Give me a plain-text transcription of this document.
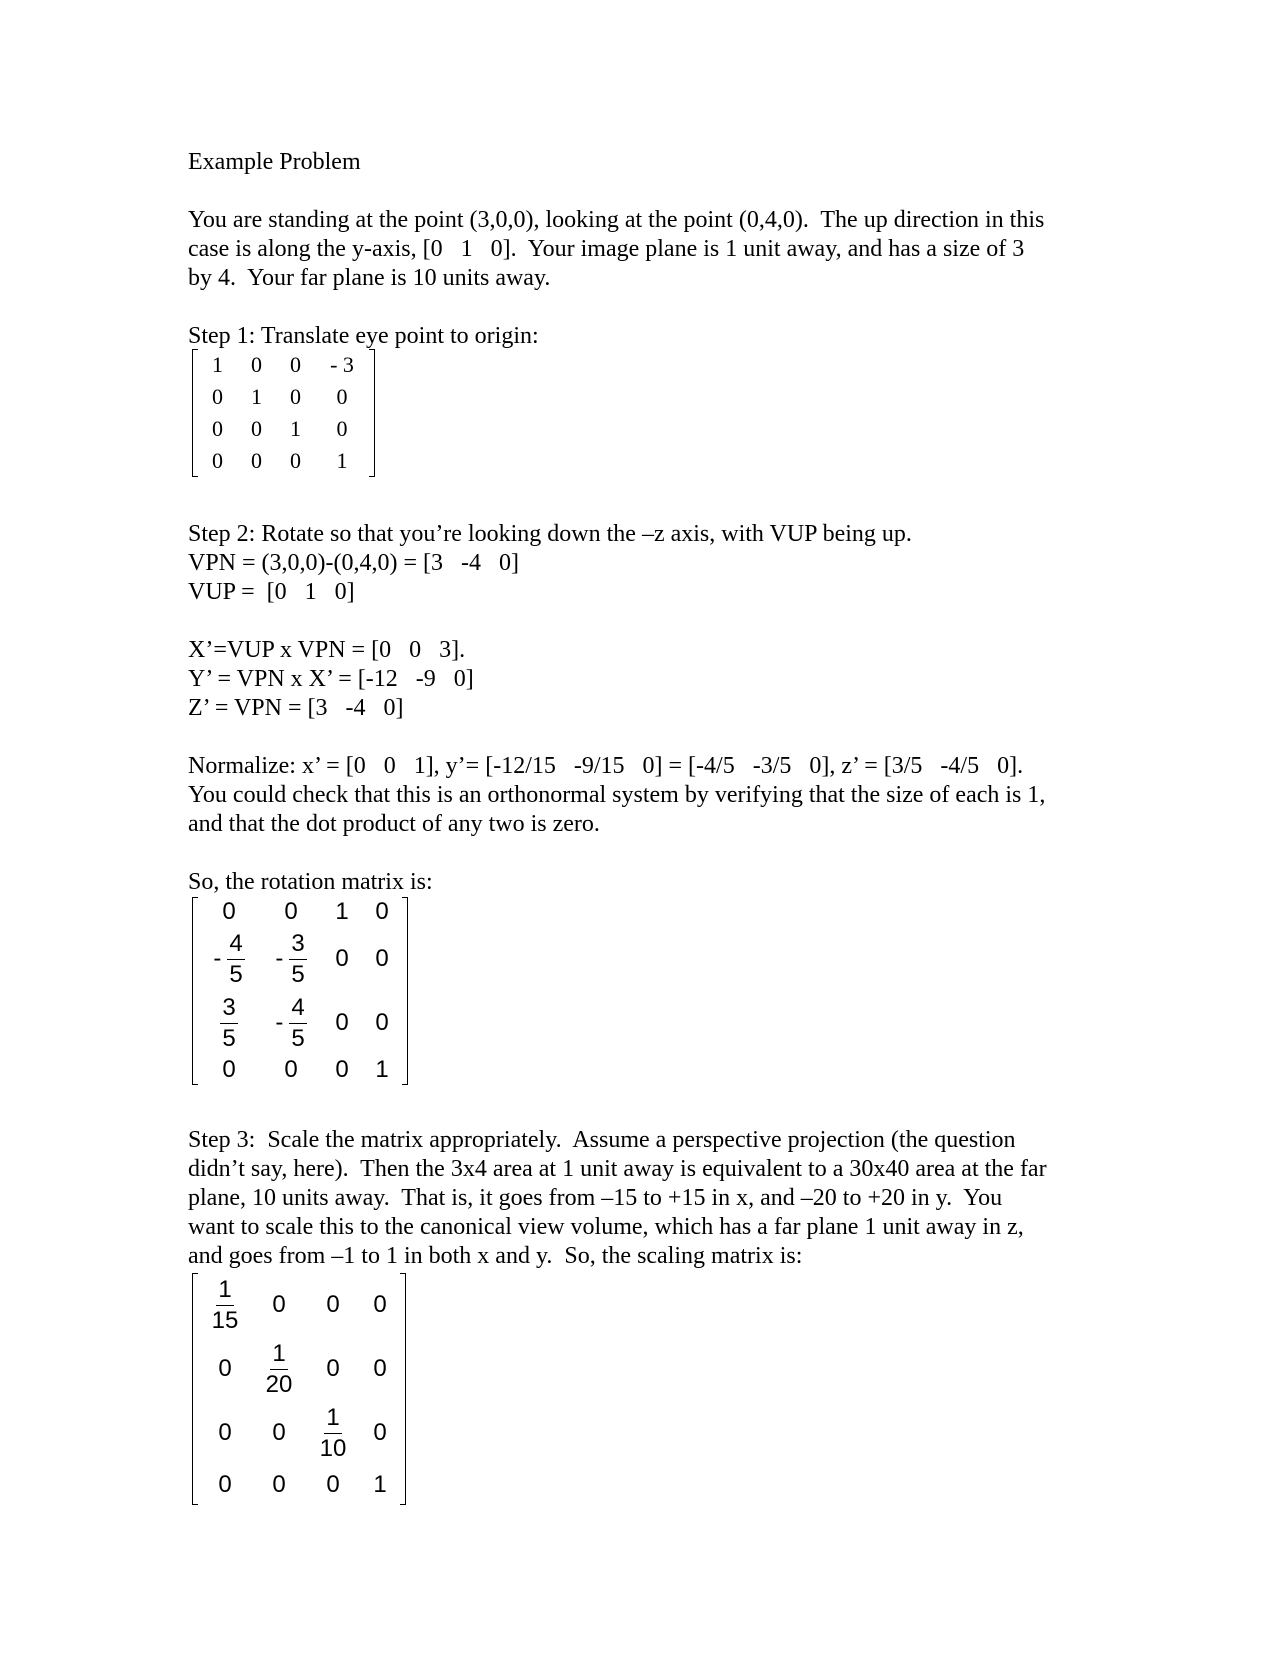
Example Problem

You are standing at the point (3,0,0), looking at the point (0,4,0).  The up direction in this

case is along the y-axis, [0   1   0].  Your image plane is 1 unit away, and has a size of 3

by 4.  Your far plane is 10 units away.

Step 1: Translate eye point to origin:

1	0	0	- 3
0	1	0	0
0	0	1	0
0	0	0	1

Step 2: Rotate so that you’re looking down the –z axis, with VUP being up.

VPN = (3,0,0)-(0,4,0) = [3   -4   0]

VUP =  [0   1   0]

X’=VUP x VPN = [0   0   3].

Y’ = VPN x X’ = [-12   -9   0]

Z’ = VPN = [3   -4   0]

Normalize: x’ = [0   0   1], y’= [-12/15   -9/15   0] = [-4/5   -3/5   0], z’ = [3/5   -4/5   0].

You could check that this is an orthonormal system by verifying that the size of each is 1,

and that the dot product of any two is zero.

So, the rotation matrix is:

0	0	1	0

- $\frac{4}{5}$	- $\frac{3}{5}$	0	0

$\frac{3}{5}$	- $\frac{4}{5}$	0	0
0	0	0	1

Step 3:  Scale the matrix appropriately.  Assume a perspective projection (the question

didn’t say, here).  Then the 3x4 area at 1 unit away is equivalent to a 30x40 area at the far

plane, 10 units away.  That is, it goes from –15 to +15 in x, and –20 to +20 in y.  You

want to scale this to the canonical view volume, which has a far plane 1 unit away in z,

and goes from –1 to 1 in both x and y.  So, the scaling matrix is:

$\frac{1}{15}$	0	0	0
0	$\frac{1}{20}$	0	0
0	0	$\frac{1}{10}$	0
0	0	0	1
